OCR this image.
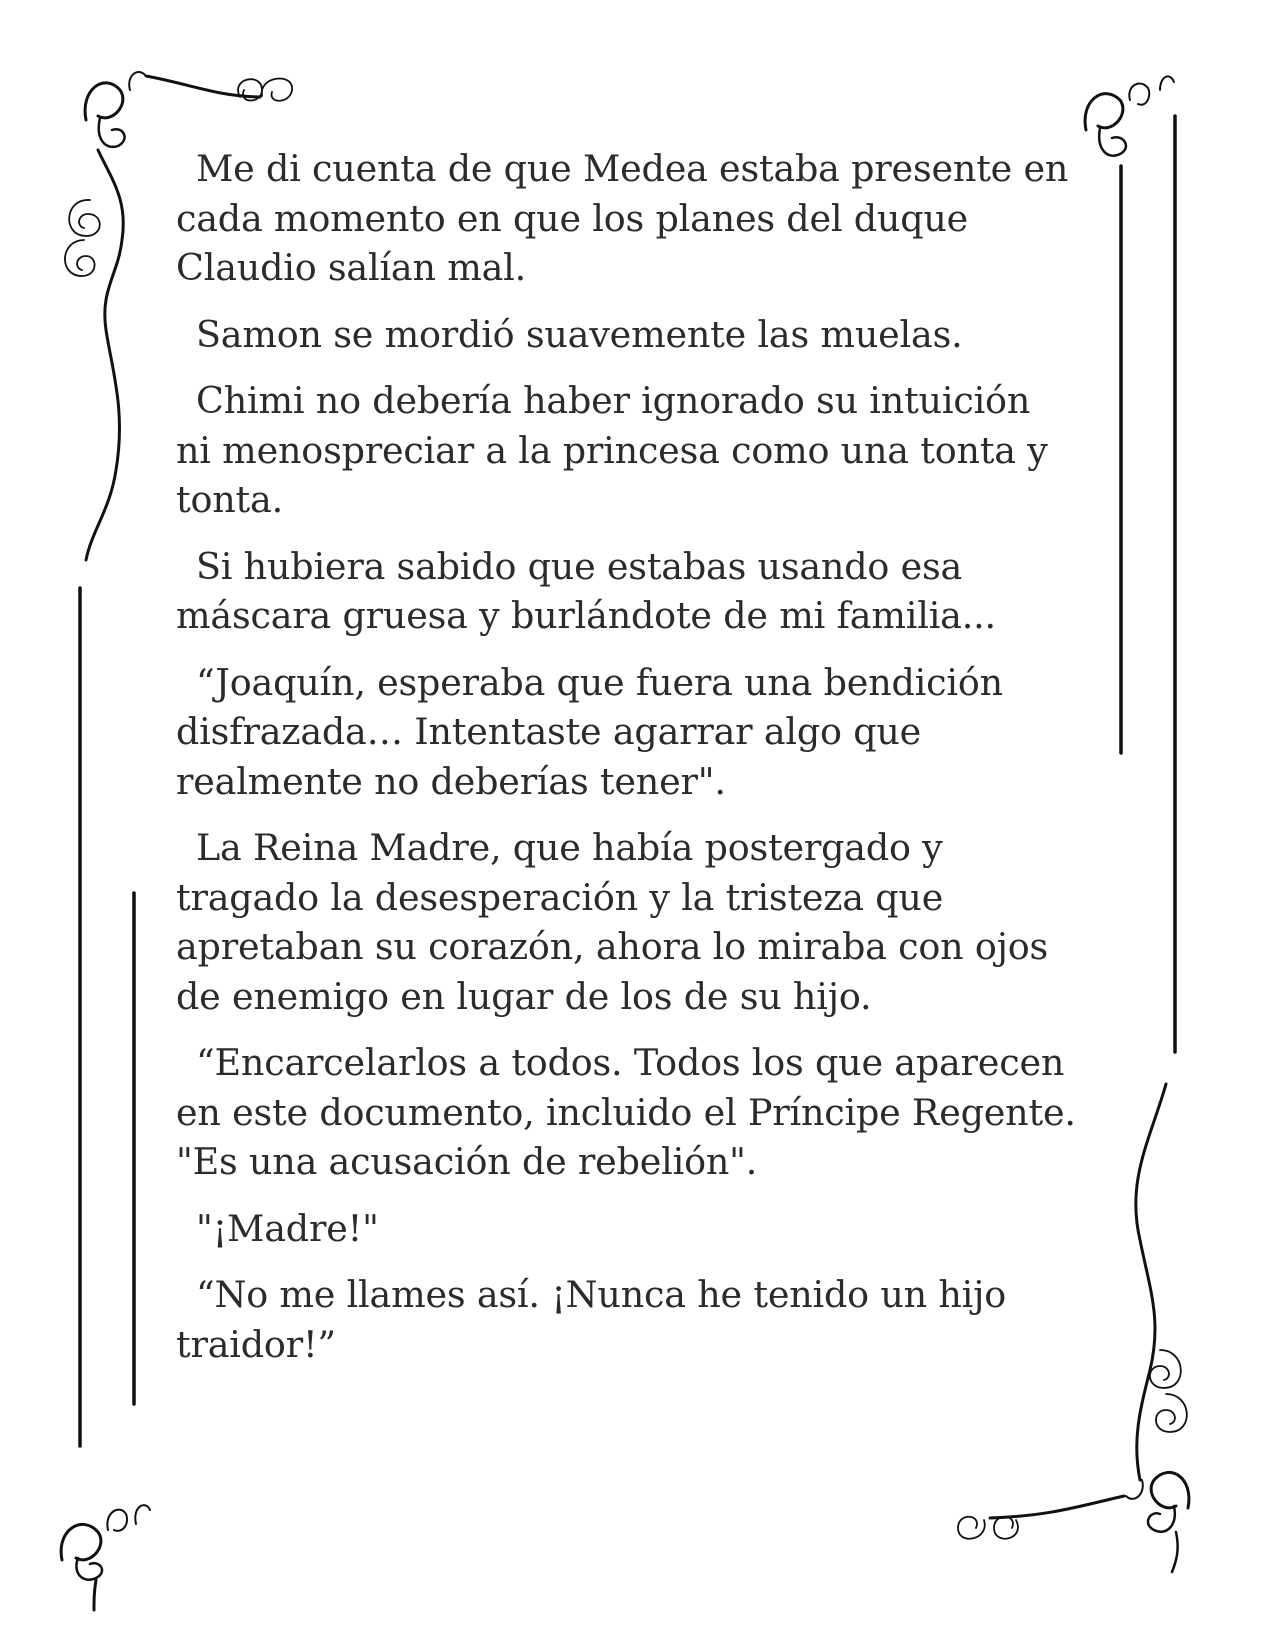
Me di cuenta de que Medea estaba presente en cada momento en que los planes del duque Claudio salían mal.

Samon se mordió suavemente las muelas.

Chimi no debería haber ignorado su intuición ni menospreciar a la princesa como una tonta y tonta.

Si hubiera sabido que estabas usando esa máscara gruesa y burlándote de mi familia...

“Joaquín, esperaba que fuera una bendición disfrazada… Intentaste agarrar algo que realmente no deberías tener".

La Reina Madre, que había postergado y tragado la desesperación y la tristeza que apretaban su corazón, ahora lo miraba con ojos de enemigo en lugar de los de su hijo.

“Encarcelarlos a todos. Todos los que aparecen en este documento, incluido el Príncipe Regente. "Es una acusación de rebelión".

"¡Madre!"

“No me llames así. ¡Nunca he tenido un hijo traidor!”
